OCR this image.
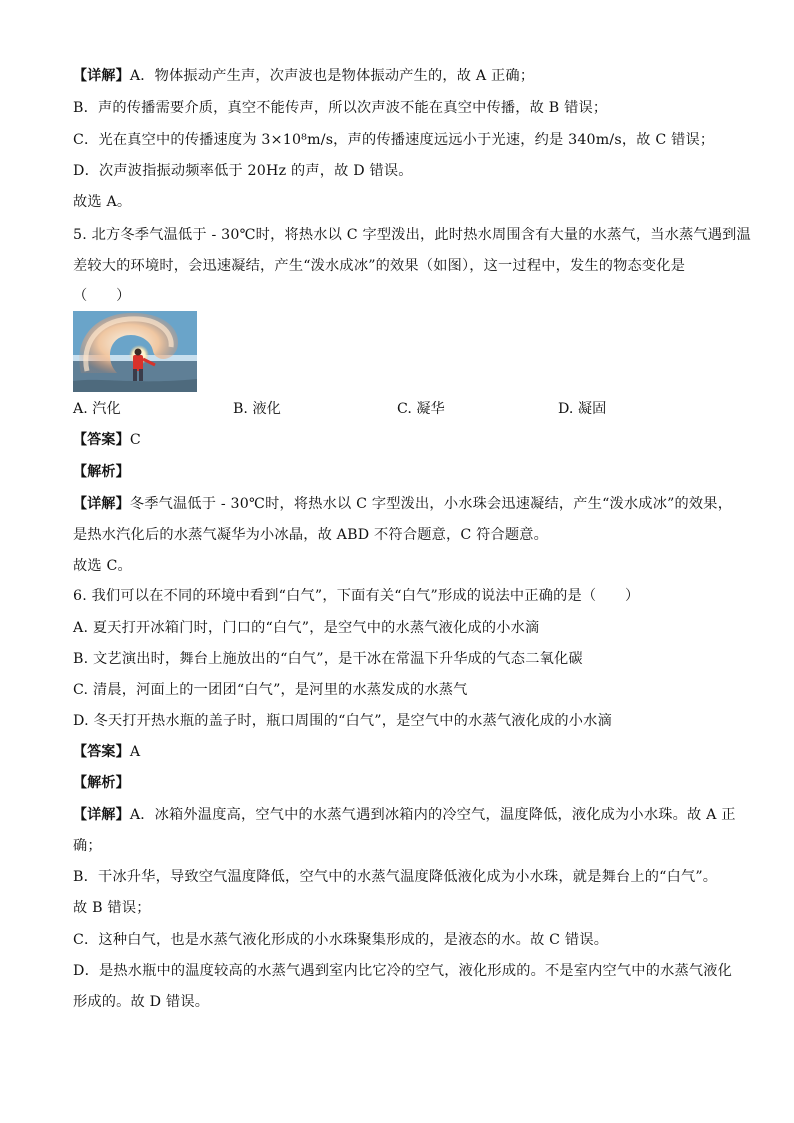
【详解】A．物体振动产生声，次声波也是物体振动产生的，故 A 正确；
B．声的传播需要介质，真空不能传声，所以次声波不能在真空中传播，故 B 错误；
C．光在真空中的传播速度为 3×10⁸m/s，声的传播速度远远小于光速，约是 340m/s，故 C 错误；
D．次声波指振动频率低于 20Hz 的声，故 D 错误。
故选 A。
5. 北方冬季气温低于 - 30℃时，将热水以 C 字型泼出，此时热水周围含有大量的水蒸气，当水蒸气遇到温
差较大的环境时，会迅速凝结，产生“泼水成冰”的效果（如图），这一过程中，发生的物态变化是
（　　）
A. 汽化	B. 液化	C. 凝华	D. 凝固
【答案】C
【解析】
【详解】冬季气温低于 - 30℃时，将热水以 C 字型泼出，小水珠会迅速凝结，产生“泼水成冰”的效果，
是热水汽化后的水蒸气凝华为小冰晶，故 ABD 不符合题意，C 符合题意。
故选 C。
6. 我们可以在不同的环境中看到“白气”，下面有关“白气”形成的说法中正确的是（　　）
A. 夏天打开冰箱门时，门口的“白气”，是空气中的水蒸气液化成的小水滴
B. 文艺演出时，舞台上施放出的“白气”，是干冰在常温下升华成的气态二氧化碳
C. 清晨，河面上的一团团“白气”，是河里的水蒸发成的水蒸气
D. 冬天打开热水瓶的盖子时，瓶口周围的“白气”，是空气中的水蒸气液化成的小水滴
【答案】A
【解析】
【详解】A．冰箱外温度高，空气中的水蒸气遇到冰箱内的冷空气，温度降低，液化成为小水珠。故 A 正
确；
B．干冰升华，导致空气温度降低，空气中的水蒸气温度降低液化成为小水珠，就是舞台上的“白气”。
故 B 错误；
C．这种白气，也是水蒸气液化形成的小水珠聚集形成的，是液态的水。故 C 错误。
D．是热水瓶中的温度较高的水蒸气遇到室内比它冷的空气，液化形成的。不是室内空气中的水蒸气液化
形成的。故 D 错误。
